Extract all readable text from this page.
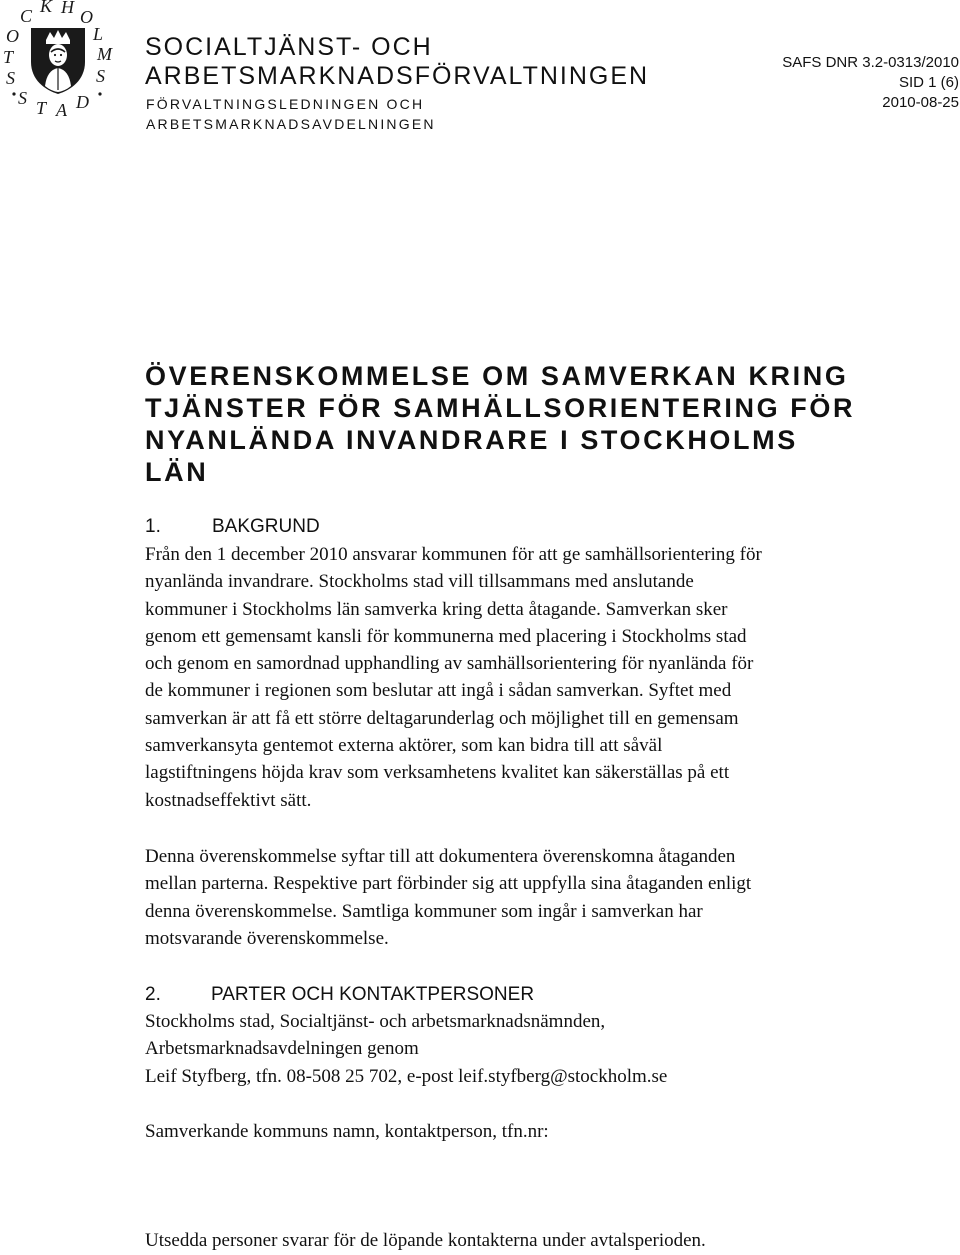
S
T
O
C K H O
L
M
S
S T A D
SOCIALTJÄNST- OCH
ARBETSMARKNADSFÖRVALTNINGEN
FÖRVALTNINGSLEDNINGEN OCH
ARBETSMARKNADSAVDELNINGEN
SAFS DNR 3.2-0313/2010
SID 1 (6)
2010-08-25
ÖVERENSKOMMELSE OM SAMVERKAN KRING
TJÄNSTER FÖR SAMHÄLLSORIENTERING FÖR
NYANLÄNDA INVANDRARE I STOCKHOLMS
LÄN
1.	BAKGRUND
Från den 1 december 2010 ansvarar kommunen för att ge samhällsorientering för
nyanlända invandrare. Stockholms stad vill tillsammans med anslutande
kommuner i Stockholms län samverka kring detta åtagande. Samverkan sker
genom ett gemensamt kansli för kommunerna med placering i Stockholms stad
och genom en samordnad upphandling av samhällsorientering för nyanlända för
de kommuner i regionen som beslutar att ingå i sådan samverkan. Syftet med
samverkan är att få ett större deltagarunderlag och möjlighet till en gemensam
samverkansyta gentemot externa aktörer, som kan bidra till att såväl
lagstiftningens höjda krav som verksamhetens kvalitet kan säkerställas på ett
kostnadseffektivt sätt.
Denna överenskommelse syftar till att dokumentera överenskomna åtaganden
mellan parterna. Respektive part förbinder sig att uppfylla sina åtaganden enligt
denna överenskommelse. Samtliga kommuner som ingår i samverkan har
motsvarande överenskommelse.
2.	PARTER OCH KONTAKTPERSONER
Stockholms stad, Socialtjänst- och arbetsmarknadsnämnden,
Arbetsmarknadsavdelningen genom
Leif Styfberg, tfn. 08-508 25 702, e-post leif.styfberg@stockholm.se
Samverkande kommuns namn, kontaktperson, tfn.nr:
Utsedda personer svarar för de löpande kontakterna under avtalsperioden.
